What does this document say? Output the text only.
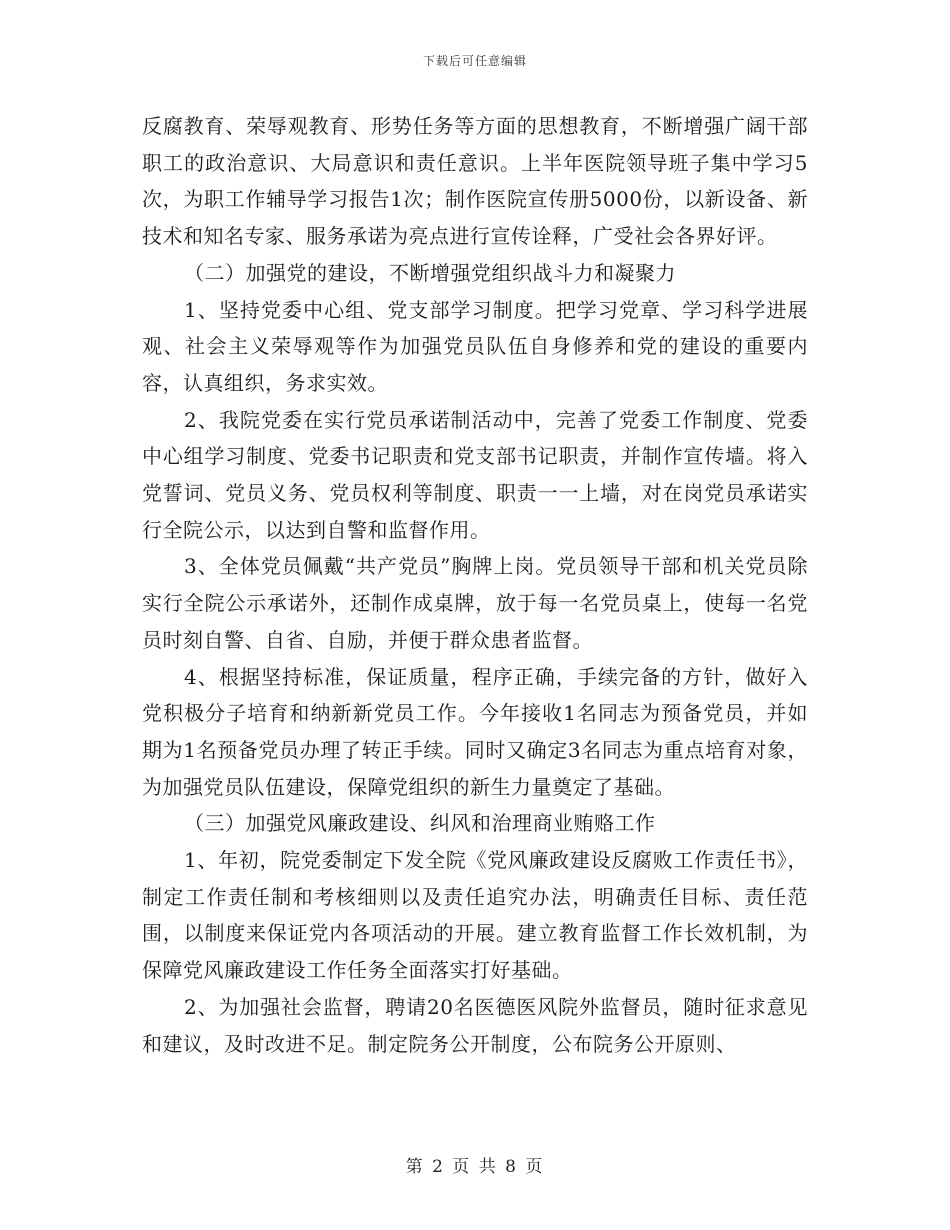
下载后可任意编辑

反腐教育、荣辱观教育、形势任务等方面的思想教育，不断增强广阔干部职工的政治意识、大局意识和责任意识。上半年医院领导班子集中学习5次，为职工作辅导学习报告1次；制作医院宣传册5000份，以新设备、新技术和知名专家、服务承诺为亮点进行宣传诠释，广受社会各界好评。

（二）加强党的建设，不断增强党组织战斗力和凝聚力

1、坚持党委中心组、党支部学习制度。把学习党章、学习科学进展观、社会主义荣辱观等作为加强党员队伍自身修养和党的建设的重要内容，认真组织，务求实效。

2、我院党委在实行党员承诺制活动中，完善了党委工作制度、党委中心组学习制度、党委书记职责和党支部书记职责，并制作宣传墙。将入党誓词、党员义务、党员权利等制度、职责一一上墙，对在岗党员承诺实行全院公示，以达到自警和监督作用。

3、全体党员佩戴“共产党员”胸牌上岗。党员领导干部和机关党员除实行全院公示承诺外，还制作成桌牌，放于每一名党员桌上，使每一名党员时刻自警、自省、自励，并便于群众患者监督。

4、根据坚持标准，保证质量，程序正确，手续完备的方针，做好入党积极分子培育和纳新新党员工作。今年接收1名同志为预备党员，并如期为1名预备党员办理了转正手续。同时又确定3名同志为重点培育对象，为加强党员队伍建设，保障党组织的新生力量奠定了基础。

（三）加强党风廉政建设、纠风和治理商业贿赂工作

1、年初，院党委制定下发全院《党风廉政建设反腐败工作责任书》，制定工作责任制和考核细则以及责任追究办法，明确责任目标、责任范围，以制度来保证党内各项活动的开展。建立教育监督工作长效机制，为保障党风廉政建设工作任务全面落实打好基础。

2、为加强社会监督，聘请20名医德医风院外监督员，随时征求意见和建议，及时改进不足。制定院务公开制度，公布院务公开原则、

第 2 页 共 8 页
